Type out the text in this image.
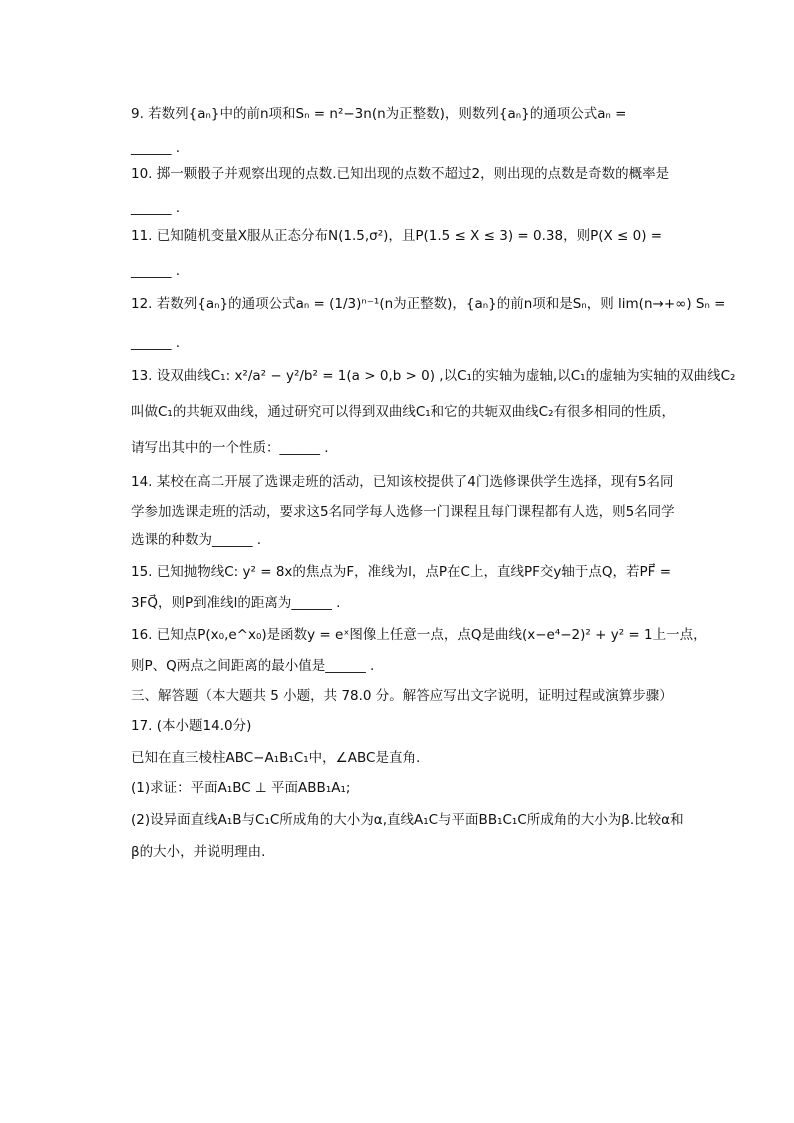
9. 若数列{aₙ}中的前n项和Sₙ = n²−3n(n为正整数)，则数列{aₙ}的通项公式aₙ =
______ .
10. 掷一颗骰子并观察出现的点数.已知出现的点数不超过2，则出现的点数是奇数的概率是
______ .
11. 已知随机变量X服从正态分布N(1.5,σ²)，且P(1.5 ≤ X ≤ 3) = 0.38，则P(X ≤ 0) =
______ .
12. 若数列{aₙ}的通项公式aₙ = (1/3)ⁿ⁻¹(n为正整数)，{aₙ}的前n项和是Sₙ，则 lim(n→+∞) Sₙ =
______ .
13. 设双曲线C₁: x²/a² − y²/b² = 1(a > 0,b > 0) ,以C₁的实轴为虚轴,以C₁的虚轴为实轴的双曲线C₂
叫做C₁的共轭双曲线，通过研究可以得到双曲线C₁和它的共轭双曲线C₂有很多相同的性质，
请写出其中的一个性质：______ .
14. 某校在高二开展了选课走班的活动，已知该校提供了4门选修课供学生选择，现有5名同
学参加选课走班的活动，要求这5名同学每人选修一门课程且每门课程都有人选，则5名同学
选课的种数为______ .
15. 已知抛物线C: y² = 8x的焦点为F，准线为l，点P在C上，直线PF交y轴于点Q，若PF⃗ =
3FQ⃗，则P到准线l的距离为______ .
16. 已知点P(x₀,e^x₀)是函数y = eˣ图像上任意一点，点Q是曲线(x−e⁴−2)² + y² = 1上一点，
则P、Q两点之间距离的最小值是______ .
三、解答题（本大题共 5 小题，共 78.0 分。解答应写出文字说明，证明过程或演算步骤）
17. (本小题14.0分)
已知在直三棱柱ABC−A₁B₁C₁中，∠ABC是直角.
(1)求证：平面A₁BC ⊥ 平面ABB₁A₁;
(2)设异面直线A₁B与C₁C所成角的大小为α,直线A₁C与平面BB₁C₁C所成角的大小为β.比较α和
β的大小，并说明理由.
